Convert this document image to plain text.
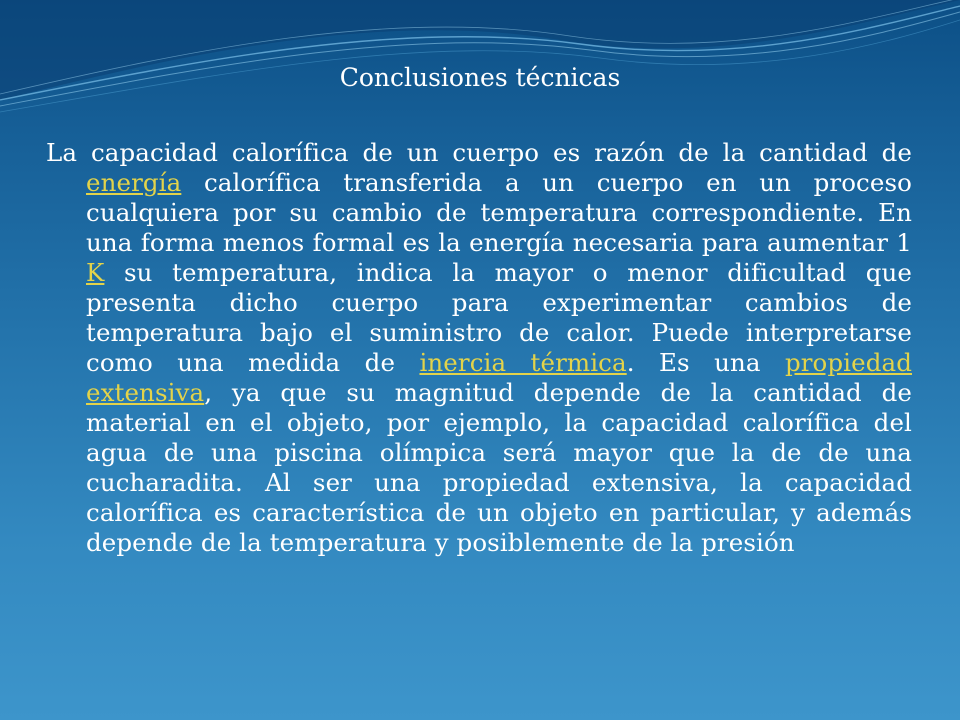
Conclusiones técnicas

La capacidad calorífica de un cuerpo es razón de la cantidad de energía calorífica transferida a un cuerpo en un proceso cualquiera por su cambio de temperatura correspondiente. En una forma menos formal es la energía necesaria para aumentar 1 K su temperatura, indica la mayor o menor dificultad que presenta dicho cuerpo para experimentar cambios de temperatura bajo el suministro de calor. Puede interpretarse como una medida de inercia térmica. Es una propiedad extensiva, ya que su magnitud depende de la cantidad de material en el objeto, por ejemplo, la capacidad calorífica del agua de una piscina olímpica será mayor que la de de una cucharadita. Al ser una propiedad extensiva, la capacidad calorífica es característica de un objeto en particular, y además depende de la temperatura y posiblemente de la presión
